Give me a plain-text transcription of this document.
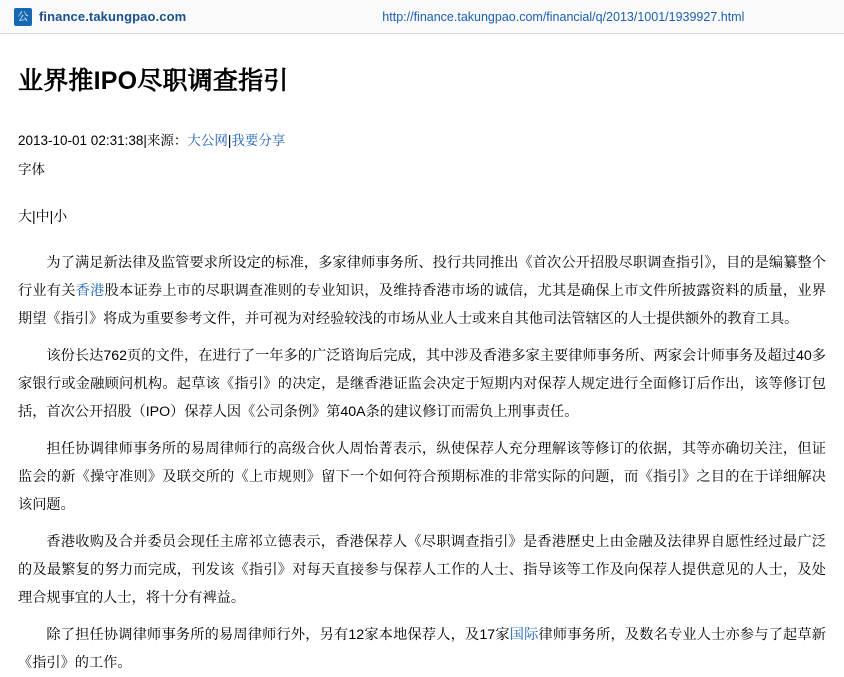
公 finance.takungpao.com	http://finance.takungpao.com/financial/q/2013/1001/1939927.html
业界推IPO尽职调查指引
2013-10-01 02:31:38|来源：大公网|我要分享
字体
大|中|小

为了满足新法律及监管要求所设定的标准，多家律师事务所、投行共同推出《首次公开招股尽职调查指引》，目的是编纂整个行业有关香港股本证券上市的尽职调查准则的专业知识，及维持香港市场的诚信，尤其是确保上市文件所披露资料的质量，业界期望《指引》将成为重要参考文件，并可视为对经验较浅的市场从业人士或来自其他司法管辖区的人士提供额外的教育工具。

该份长达762页的文件，在进行了一年多的广泛谘询后完成，其中涉及香港多家主要律师事务所、两家会计师事务及超过40多家银行或金融顾问机构。起草该《指引》的决定，是继香港证监会决定于短期内对保荐人规定进行全面修订后作出，该等修订包括，首次公开招股（IPO）保荐人因《公司条例》第40A条的建议修订而需负上刑事责任。

担任协调律师事务所的易周律师行的高级合伙人周怡菁表示，纵使保荐人充分理解该等修订的依据，其等亦确切关注，但证监会的新《操守准则》及联交所的《上市规则》留下一个如何符合预期标准的非常实际的问题，而《指引》之目的在于详细解决该问题。

香港收购及合并委员会现任主席祁立德表示，香港保荐人《尽职调查指引》是香港歷史上由金融及法律界自愿性经过最广泛的及最繁复的努力而完成，刊发该《指引》对每天直接参与保荐人工作的人士、指导该等工作及向保荐人提供意见的人士，及处理合规事宜的人士，将十分有裨益。

除了担任协调律师事务所的易周律师行外，另有12家本地保荐人，及17家国际律师事务所，及数名专业人士亦参与了起草新《指引》的工作。
